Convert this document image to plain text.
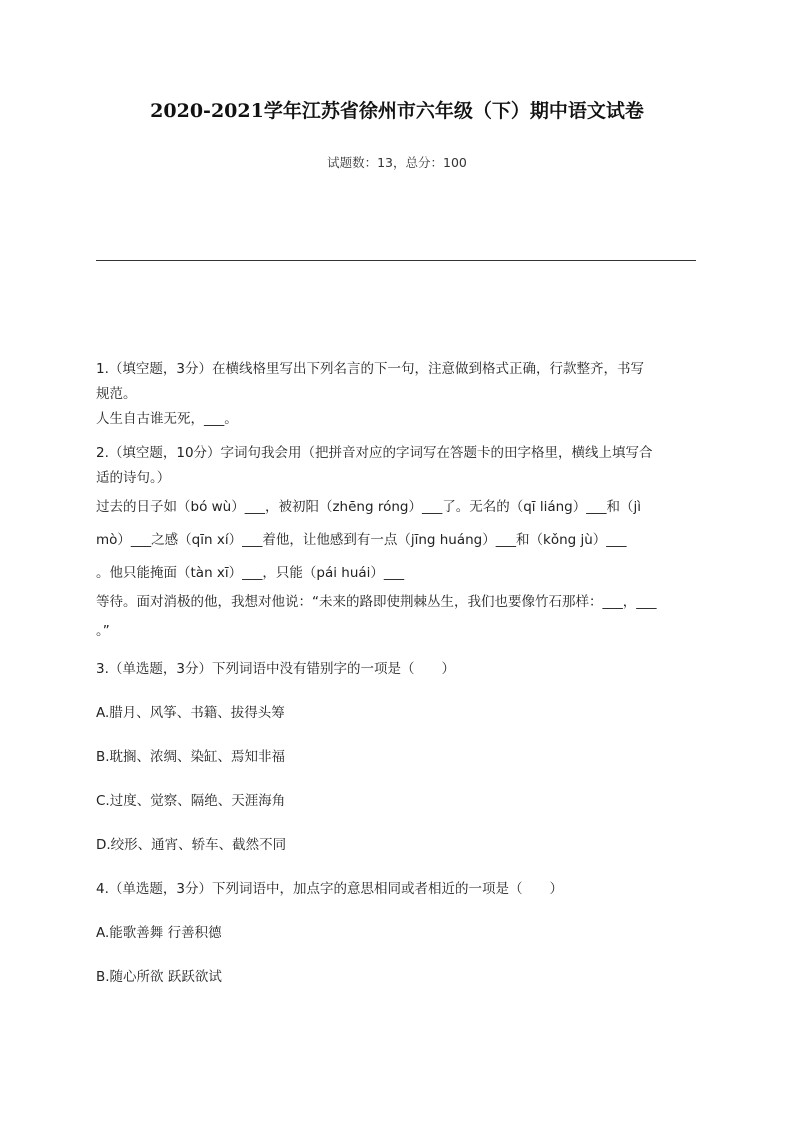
2020-2021学年江苏省徐州市六年级（下）期中语文试卷
试题数：13，总分：100

1.（填空题，3分）在横线格里写出下列名言的下一句，注意做到格式正确，行款整齐，书写

规范。

人生自古谁无死，___。

2.（填空题，10分）字词句我会用（把拼音对应的字词写在答题卡的田字格里，横线上填写合

适的诗句。）

过去的日子如（bó wù）___，被初阳（zhēng róng）___了。无名的（qī liáng）___和（jì

mò）___之感（qīn xí）___着他，让他感到有一点（jīng huáng）___和（kǒng jù）___

。他只能掩面（tàn xī）___，只能（pái huái）___

等待。面对消极的他，我想对他说：“未来的路即使荆棘丛生，我们也要像竹石那样：___，___

。”

3.（单选题，3分）下列词语中没有错别字的一项是（　　）

A.腊月、风筝、书籍、拔得头筹

B.耽搁、浓绸、染缸、焉知非福

C.过度、觉察、隔绝、天涯海角

D.绞形、通宵、轿车、截然不同

4.（单选题，3分）下列词语中，加点字的意思相同或者相近的一项是（　　）

A.能歌善舞 行善积德

B.随心所欲 跃跃欲试
